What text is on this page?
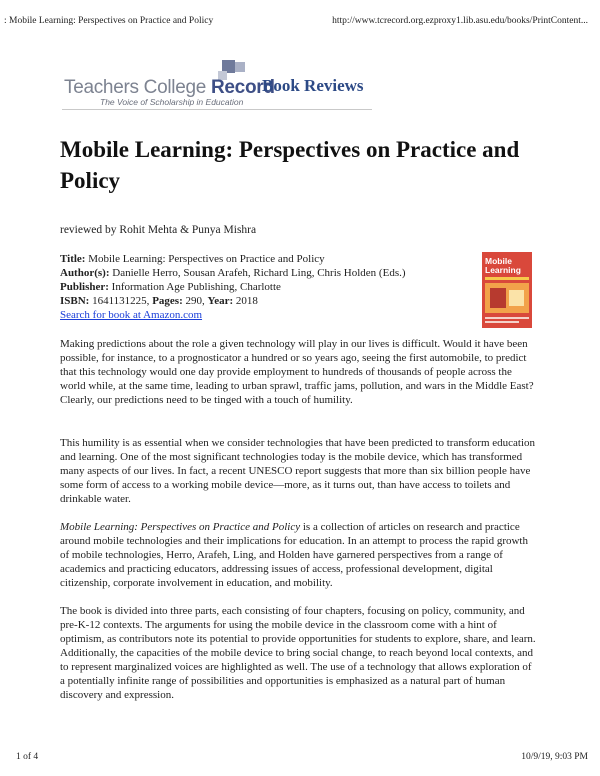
: Mobile Learning: Perspectives on Practice and Policy	http://www.tcrecord.org.ezproxy1.lib.asu.edu/books/PrintContent...
Teachers College Record
The Voice of Scholarship in Education
Book Reviews
Mobile Learning: Perspectives on Practice and Policy
reviewed by Rohit Mehta & Punya Mishra
Title: Mobile Learning: Perspectives on Practice and Policy
Author(s): Danielle Herro, Sousan Arafeh, Richard Ling, Chris Holden (Eds.)
Publisher: Information Age Publishing, Charlotte
ISBN: 1641131225, Pages: 290, Year: 2018
Search for book at Amazon.com
Mobile Learning

Making predictions about the role a given technology will play in our lives is difficult. Would it have been possible, for instance, to a prognosticator a hundred or so years ago, seeing the first automobile, to predict that this technology would one day provide employment to hundreds of thousands of people across the world while, at the same time, leading to urban sprawl, traffic jams, pollution, and wars in the Middle East? Clearly, our predictions need to be tinged with a touch of humility.

This humility is as essential when we consider technologies that have been predicted to transform education and learning. One of the most significant technologies today is the mobile device, which has transformed many aspects of our lives. In fact, a recent UNESCO report suggests that more than six billion people have some form of access to a working mobile device—more, as it turns out, than have access to toilets and drinkable water.

Mobile Learning: Perspectives on Practice and Policy is a collection of articles on research and practice around mobile technologies and their implications for education. In an attempt to process the rapid growth of mobile technologies, Herro, Arafeh, Ling, and Holden have garnered perspectives from a range of academics and practicing educators, addressing issues of access, professional development, digital citizenship, corporate involvement in education, and mobility.

The book is divided into three parts, each consisting of four chapters, focusing on policy, community, and pre-K-12 contexts. The arguments for using the mobile device in the classroom come with a hint of optimism, as contributors note its potential to provide opportunities for students to explore, share, and learn. Additionally, the capacities of the mobile device to bring social change, to reach beyond local contexts, and to represent marginalized voices are highlighted as well. The use of a technology that allows exploration of a potentially infinite range of possibilities and opportunities is emphasized as a natural part of human discovery and expression.

1 of 4	10/9/19, 9:03 PM
